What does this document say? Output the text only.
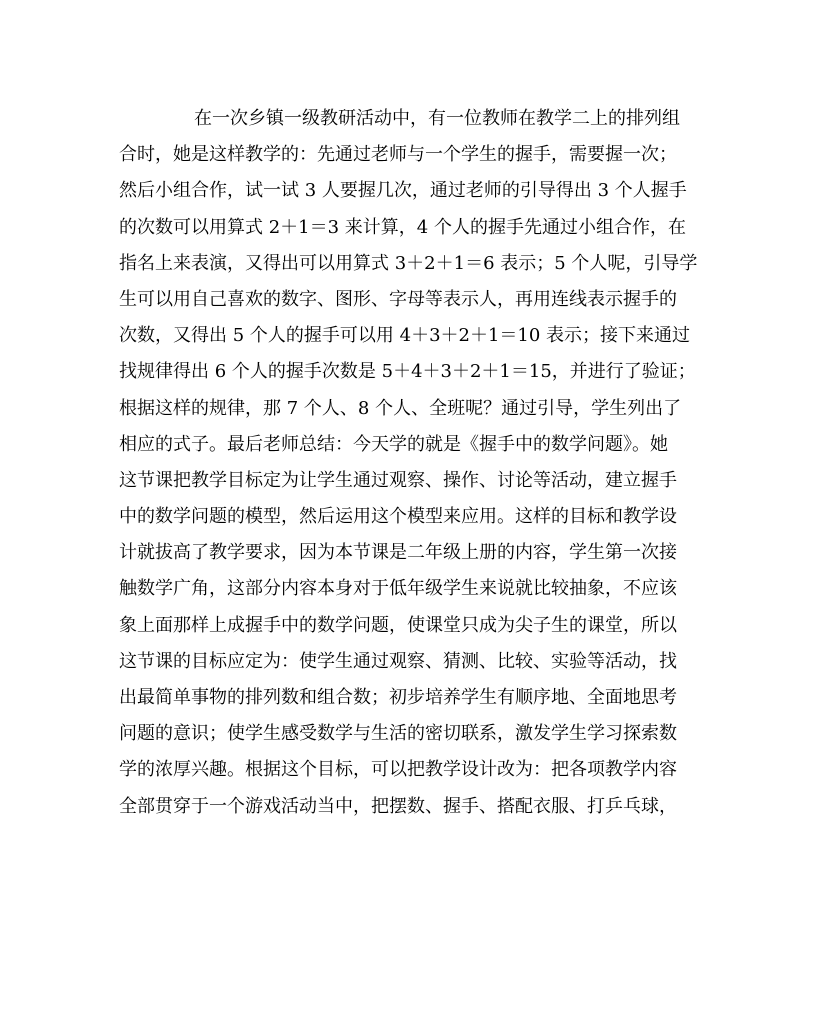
在一次乡镇一级教研活动中，有一位教师在教学二上的排列组
合时，她是这样教学的：先通过老师与一个学生的握手，需要握一次；
然后小组合作，试一试 3 人要握几次，通过老师的引导得出 3 个人握手
的次数可以用算式 2＋1＝3 来计算，4 个人的握手先通过小组合作，在
指名上来表演，又得出可以用算式 3＋2＋1＝6 表示；5 个人呢，引导学
生可以用自己喜欢的数字、图形、字母等表示人，再用连线表示握手的
次数，又得出 5 个人的握手可以用 4＋3＋2＋1＝10 表示；接下来通过
找规律得出 6 个人的握手次数是 5＋4＋3＋2＋1＝15，并进行了验证；
根据这样的规律，那 7 个人、8 个人、全班呢？通过引导，学生列出了
相应的式子。最后老师总结：今天学的就是《握手中的数学问题》。她
这节课把教学目标定为让学生通过观察、操作、讨论等活动，建立握手
中的数学问题的模型，然后运用这个模型来应用。这样的目标和教学设
计就拔高了教学要求，因为本节课是二年级上册的内容，学生第一次接
触数学广角，这部分内容本身对于低年级学生来说就比较抽象，不应该
象上面那样上成握手中的数学问题，使课堂只成为尖子生的课堂，所以
这节课的目标应定为：使学生通过观察、猜测、比较、实验等活动，找
出最简单事物的排列数和组合数；初步培养学生有顺序地、全面地思考
问题的意识；使学生感受数学与生活的密切联系，激发学生学习探索数
学的浓厚兴趣。根据这个目标，可以把教学设计改为：把各项教学内容
全部贯穿于一个游戏活动当中，把摆数、握手、搭配衣服、打乒乓球，
